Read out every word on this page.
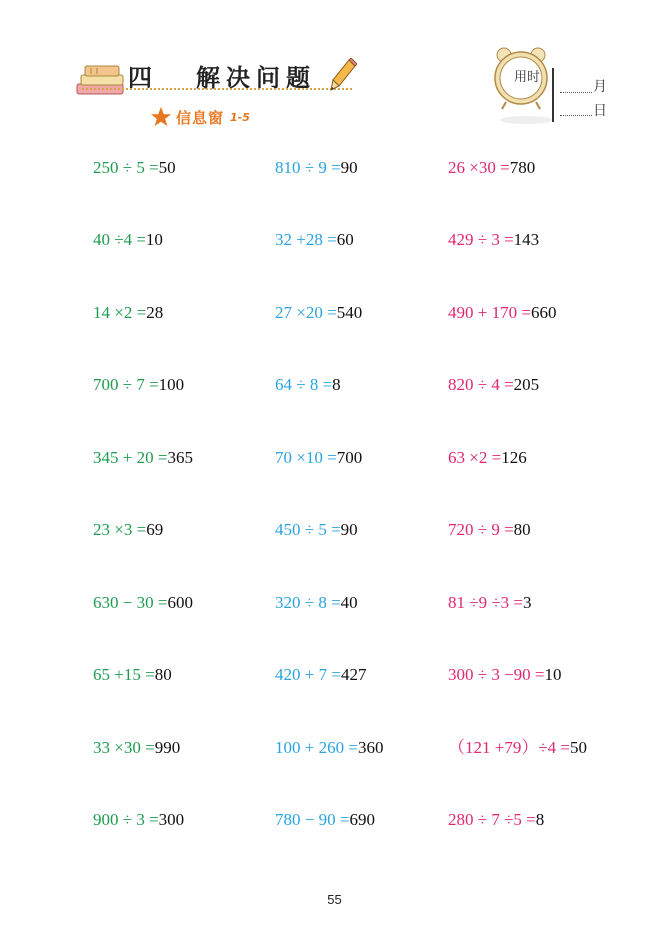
四 解决问题
信息窗 1-5
用时
月
日
250 ÷ 5 =50	810 ÷ 9 =90	26 ×30 =780
40 ÷4 =10	32 +28 =60	429 ÷ 3 =143
14 ×2 =28	27 ×20 =540	490 + 170 =660
700 ÷ 7 =100	64 ÷ 8 =8	820 ÷ 4 =205
345 + 20 =365	70 ×10 =700	63 ×2 =126
23 ×3 =69	450 ÷ 5 =90	720 ÷ 9 =80
630 − 30 =600	320 ÷ 8 =40	81 ÷9 ÷3 =3
65 +15 =80	420 + 7 =427	300 ÷ 3 −90 =10
33 ×30 =990	100 + 260 =360	（121 +79）÷4 =50
900 ÷ 3 =300	780 − 90 =690	280 ÷ 7 ÷5 =8
55
